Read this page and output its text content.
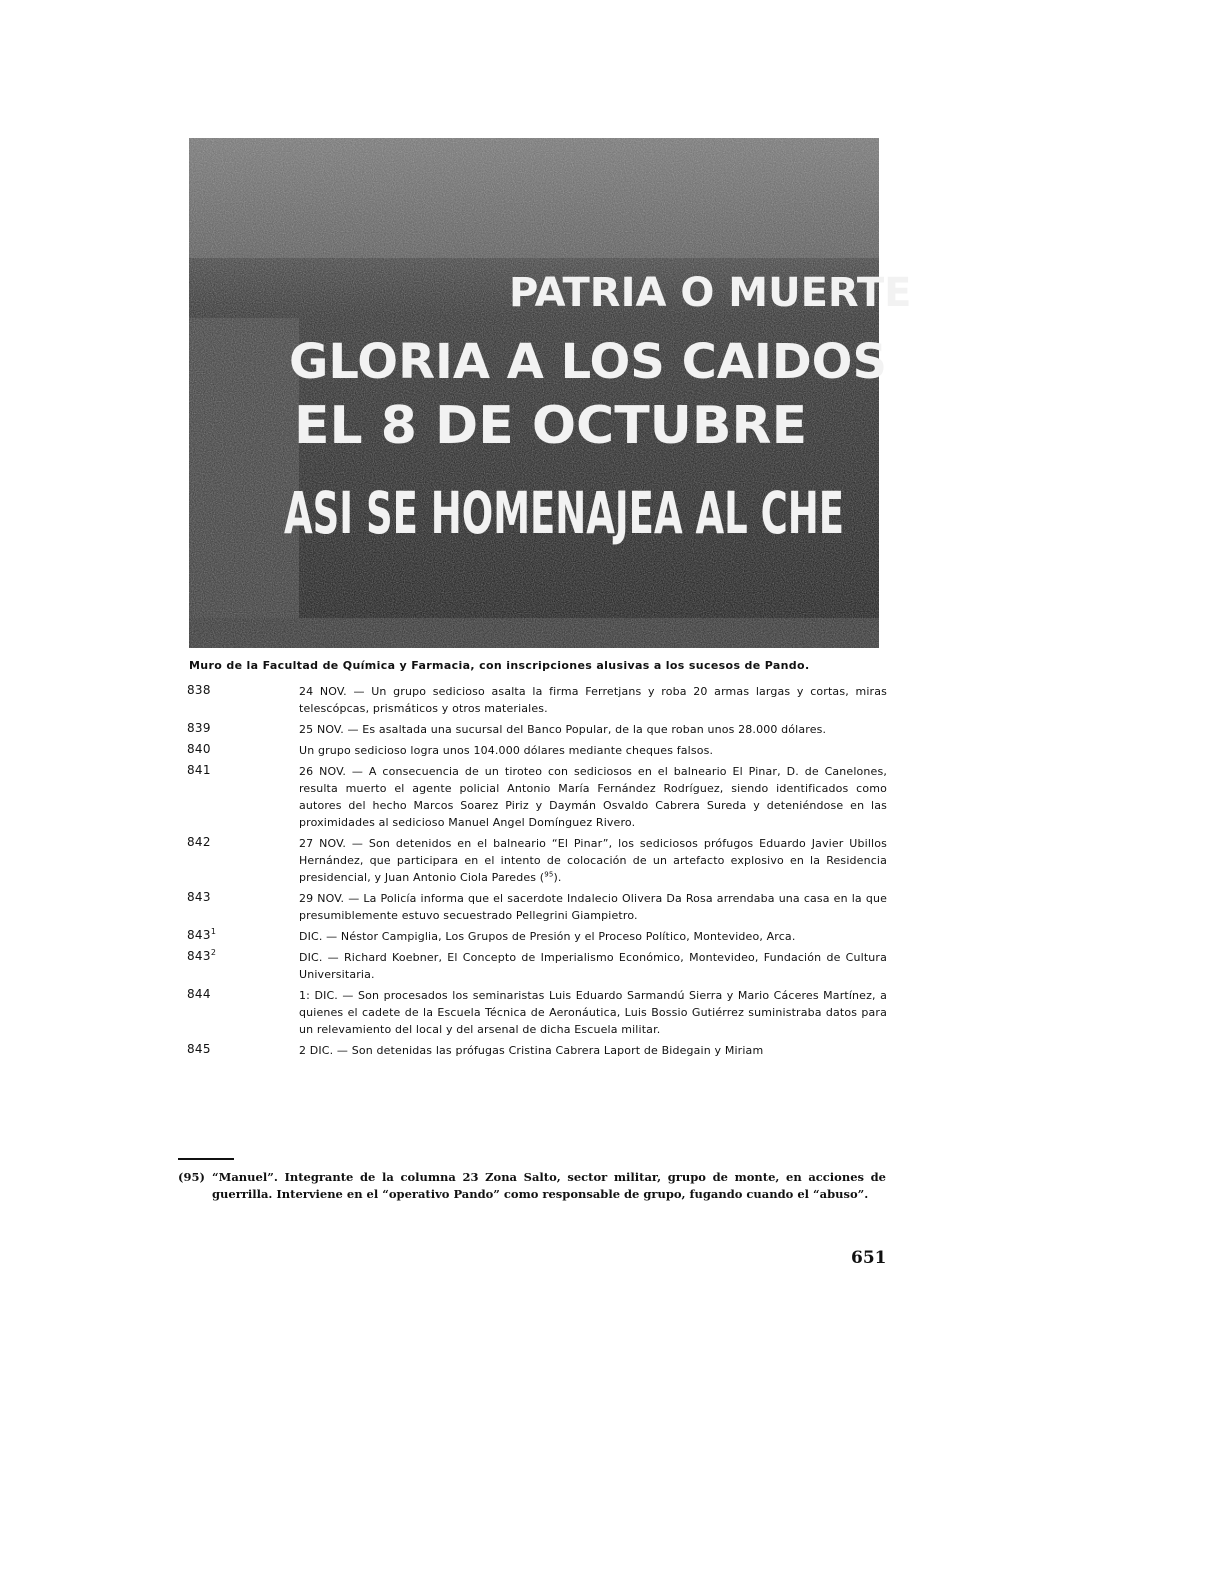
PATRIA O MUERTE
GLORIA A LOS CAIDOS
EL 8 DE OCTUBRE
ASI SE HOMENAJEA AL CHE
Muro de la Facultad de Química y Farmacia, con inscripciones alusivas a los sucesos de Pando.
838	24 NOV. — Un grupo sedicioso asalta la firma Ferretjans y roba 20 armas largas y cortas, miras telescópcas, prismáticos y otros materiales.
839	25 NOV. — Es asaltada una sucursal del Banco Popular, de la que roban unos 28.000 dólares.
840	Un grupo sedicioso logra unos 104.000 dólares mediante cheques falsos.
841	26 NOV. — A consecuencia de un tiroteo con sediciosos en el balneario El Pinar, D. de Canelones, resulta muerto el agente policial Antonio María Fernández Rodríguez, siendo identificados como autores del hecho Marcos Soarez Piriz y Daymán Osvaldo Cabrera Sureda y deteniéndose en las proximidades al sedicioso Manuel Angel Domínguez Rivero.
842	27 NOV. — Son detenidos en el balneario “El Pinar”, los sediciosos prófugos Eduardo Javier Ubillos Hernández, que participara en el intento de colocación de un artefacto explosivo en la Residencia presidencial, y Juan Antonio Ciola Paredes ($^{95}$).
843	29 NOV. — La Policía informa que el sacerdote Indalecio Olivera Da Rosa arrendaba una casa en la que presumiblemente estuvo secuestrado Pellegrini Giampietro.
$843^1$	DIC. — Néstor Campiglia, Los Grupos de Presión y el Proceso Político, Montevideo, Arca.
$843^2$	DIC. — Richard Koebner, El Concepto de Imperialismo Económico, Montevideo, Fundación de Cultura Universitaria.
844	1: DIC. — Son procesados los seminaristas Luis Eduardo Sarmandú Sierra y Mario Cáceres Martínez, a quienes el cadete de la Escuela Técnica de Aeronáutica, Luis Bossio Gutiérrez suministraba datos para un relevamiento del local y del arsenal de dicha Escuela militar.
845	2 DIC. — Son detenidas las prófugas Cristina Cabrera Laport de Bidegain y Miriam
(95) “Manuel”. Integrante de la columna 23 Zona Salto, sector militar, grupo de monte, en acciones de guerrilla. Interviene en el “operativo Pando” como responsable de grupo, fugando cuando el “abuso”.
651
